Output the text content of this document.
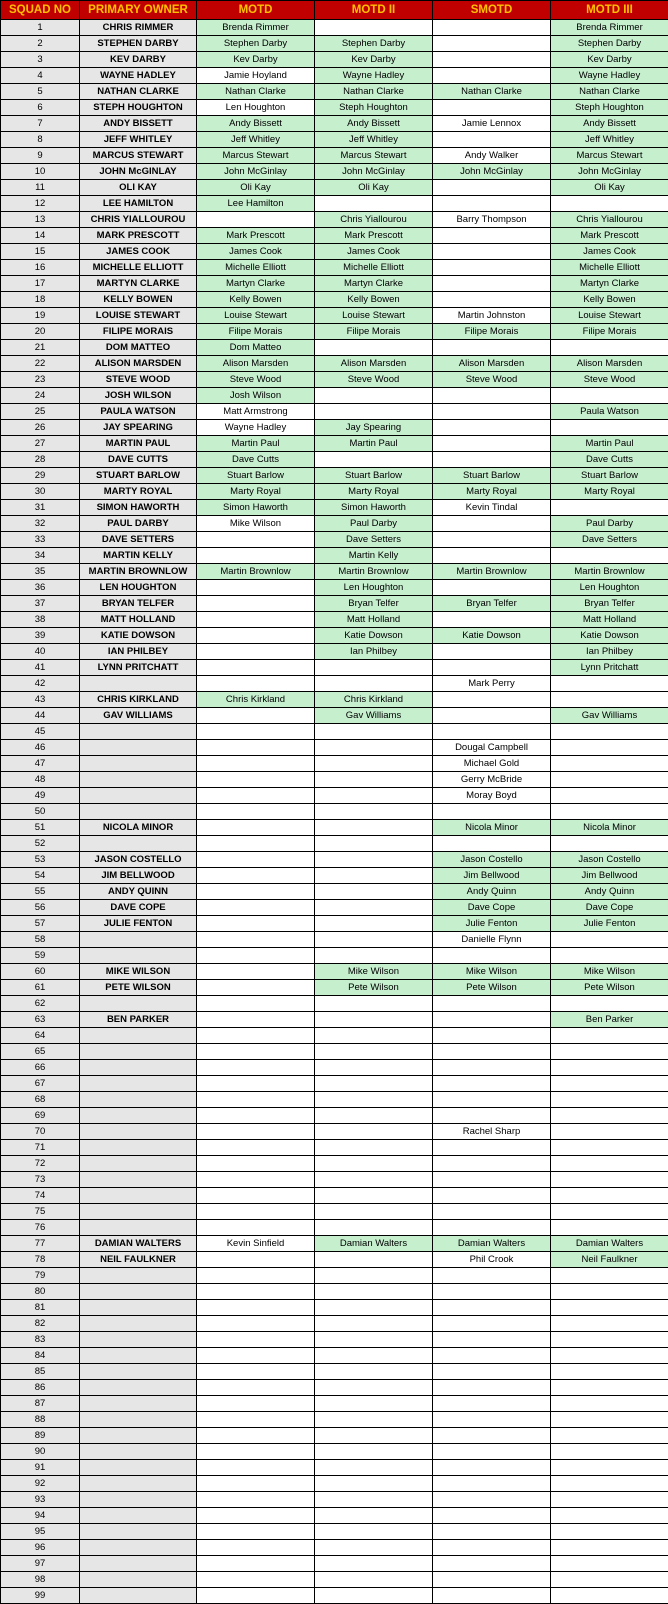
SQUAD NO	PRIMARY OWNER	MOTD	MOTD II	SMOTD	MOTD III
1	CHRIS RIMMER	Brenda Rimmer			Brenda Rimmer
2	STEPHEN DARBY	Stephen Darby	Stephen Darby		Stephen Darby
3	KEV DARBY	Kev Darby	Kev Darby		Kev Darby
4	WAYNE HADLEY	Jamie Hoyland	Wayne Hadley		Wayne Hadley
5	NATHAN CLARKE	Nathan Clarke	Nathan Clarke	Nathan Clarke	Nathan Clarke
6	STEPH HOUGHTON	Len Houghton	Steph Houghton		Steph Houghton
7	ANDY BISSETT	Andy Bissett	Andy Bissett	Jamie Lennox	Andy Bissett
8	JEFF WHITLEY	Jeff Whitley	Jeff Whitley		Jeff Whitley
9	MARCUS STEWART	Marcus Stewart	Marcus Stewart	Andy Walker	Marcus Stewart
10	JOHN McGINLAY	John McGinlay	John McGinlay	John McGinlay	John McGinlay
11	OLI KAY	Oli Kay	Oli Kay		Oli Kay
12	LEE HAMILTON	Lee Hamilton			
13	CHRIS YIALLOUROU		Chris Yiallourou	Barry Thompson	Chris Yiallourou
14	MARK PRESCOTT	Mark Prescott	Mark Prescott		Mark Prescott
15	JAMES COOK	James Cook	James Cook		James Cook
16	MICHELLE ELLIOTT	Michelle Elliott	Michelle Elliott		Michelle Elliott
17	MARTYN CLARKE	Martyn Clarke	Martyn Clarke		Martyn Clarke
18	KELLY BOWEN	Kelly Bowen	Kelly Bowen		Kelly Bowen
19	LOUISE STEWART	Louise Stewart	Louise Stewart	Martin Johnston	Louise Stewart
20	FILIPE MORAIS	Filipe Morais	Filipe Morais	Filipe Morais	Filipe Morais
21	DOM MATTEO	Dom Matteo			
22	ALISON MARSDEN	Alison Marsden	Alison Marsden	Alison Marsden	Alison Marsden
23	STEVE WOOD	Steve Wood	Steve Wood	Steve Wood	Steve Wood
24	JOSH WILSON	Josh Wilson			
25	PAULA WATSON	Matt Armstrong			Paula Watson
26	JAY SPEARING	Wayne Hadley	Jay Spearing		
27	MARTIN PAUL	Martin Paul	Martin Paul		Martin Paul
28	DAVE CUTTS	Dave Cutts			Dave Cutts
29	STUART BARLOW	Stuart Barlow	Stuart Barlow	Stuart Barlow	Stuart Barlow
30	MARTY ROYAL	Marty Royal	Marty Royal	Marty Royal	Marty Royal
31	SIMON HAWORTH	Simon Haworth	Simon Haworth	Kevin Tindal	
32	PAUL DARBY	Mike Wilson	Paul Darby		Paul Darby
33	DAVE SETTERS		Dave Setters		Dave Setters
34	MARTIN KELLY		Martin Kelly		
35	MARTIN BROWNLOW	Martin Brownlow	Martin Brownlow	Martin Brownlow	Martin Brownlow
36	LEN HOUGHTON		Len Houghton		Len Houghton
37	BRYAN TELFER		Bryan Telfer	Bryan Telfer	Bryan Telfer
38	MATT HOLLAND		Matt Holland		Matt Holland
39	KATIE DOWSON		Katie Dowson	Katie Dowson	Katie Dowson
40	IAN PHILBEY		Ian Philbey		Ian Philbey
41	LYNN PRITCHATT				Lynn Pritchatt
42				Mark Perry	
43	CHRIS KIRKLAND	Chris Kirkland	Chris Kirkland		
44	GAV WILLIAMS		Gav Williams		Gav Williams
45					
46				Dougal Campbell	
47				Michael Gold	
48				Gerry McBride	
49				Moray Boyd	
50					
51	NICOLA MINOR			Nicola Minor	Nicola Minor
52					
53	JASON COSTELLO			Jason Costello	Jason Costello
54	JIM BELLWOOD			Jim Bellwood	Jim Bellwood
55	ANDY QUINN			Andy Quinn	Andy Quinn
56	DAVE COPE			Dave Cope	Dave Cope
57	JULIE FENTON			Julie Fenton	Julie Fenton
58				Danielle Flynn	
59					
60	MIKE WILSON		Mike Wilson	Mike Wilson	Mike Wilson
61	PETE WILSON		Pete Wilson	Pete Wilson	Pete Wilson
62					
63	BEN PARKER				Ben Parker
64					
65					
66					
67					
68					
69					
70				Rachel Sharp	
71					
72					
73					
74					
75					
76					
77	DAMIAN WALTERS	Kevin Sinfield	Damian Walters	Damian Walters	Damian Walters
78	NEIL FAULKNER			Phil Crook	Neil Faulkner
79					
80					
81					
82					
83					
84					
85					
86					
87					
88					
89					
90					
91					
92					
93					
94					
95					
96					
97					
98					
99					
